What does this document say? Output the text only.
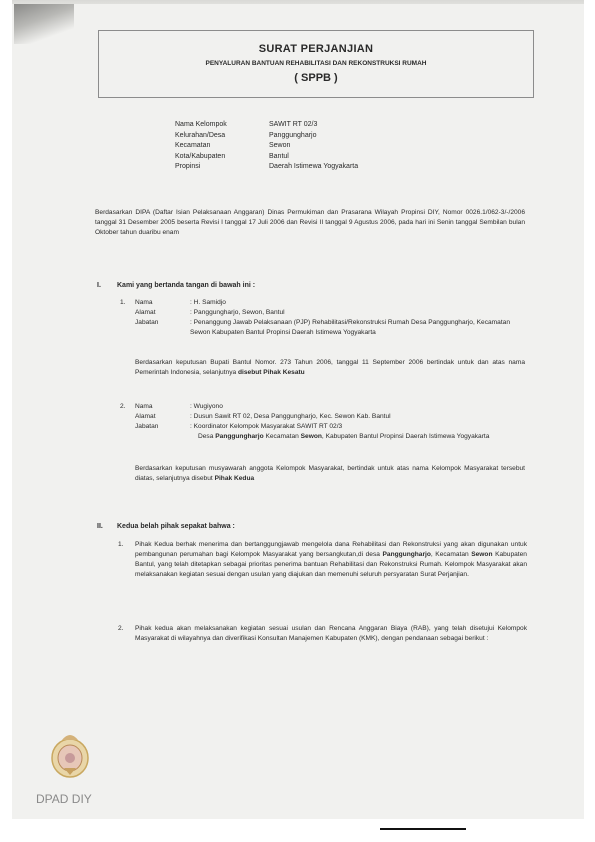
SURAT PERJANJIAN
PENYALURAN BANTUAN REHABILITASI DAN REKONSTRUKSI RUMAH
( SPPB )
Nama Kelompok	SAWIT RT 02/3
Kelurahan/Desa	Panggungharjo
Kecamatan	Sewon
Kota/Kabupaten	Bantul
Propinsi	Daerah Istimewa Yogyakarta
Berdasarkan DIPA (Daftar Isian Pelaksanaan Anggaran) Dinas Permukiman dan Prasarana Wilayah Propinsi DIY, Nomor 0026.1/062-3/-/2006 tanggal 31 Desember 2005 beserta Revisi I tanggal 17 Juli 2006 dan Revisi II tanggal 9 Agustus 2006, pada hari ini Senin tanggal Sembilan bulan Oktober tahun duaribu enam
I. Kami yang bertanda tangan di bawah ini :
1. Nama	: H. Samidjo
Alamat	: Panggungharjo, Sewon, Bantul
Jabatan	: Penanggung Jawab Pelaksanaan (PJP) Rehabilitasi/Rekonstruksi Rumah Desa Panggungharjo, Kecamatan Sewon Kabupaten Bantul Propinsi Daerah Istimewa Yogyakarta
Berdasarkan keputusan Bupati Bantul Nomor. 273 Tahun 2006, tanggal 11 September 2006 bertindak untuk dan atas nama Pemerintah Indonesia, selanjutnya disebut Pihak Kesatu
2. Nama	: Wugiyono
Alamat	: Dusun Sawit RT 02, Desa Panggungharjo, Kec. Sewon Kab. Bantul
Jabatan	: Koordinator Kelompok Masyarakat SAWIT RT 02/3
Desa Panggungharjo Kecamatan Sewon, Kabupaten Bantul Propinsi Daerah Istimewa Yogyakarta
Berdasarkan keputusan musyawarah anggota Kelompok Masyarakat, bertindak untuk atas nama Kelompok Masyarakat tersebut diatas, selanjutnya disebut Pihak Kedua
II. Kedua belah pihak sepakat bahwa :
1. Pihak Kedua berhak menerima dan bertanggungjawab mengelola dana Rehabilitasi dan Rekonstruksi yang akan digunakan untuk pembangunan perumahan bagi Kelompok Masyarakat yang bersangkutan,di desa Panggungharjo, Kecamatan Sewon Kabupaten Bantul, yang telah ditetapkan sebagai prioritas penerima bantuan Rehabilitasi dan Rekonstruksi Rumah. Kelompok Masyarakat akan melaksanakan kegiatan sesuai dengan usulan yang diajukan dan memenuhi seluruh persyaratan Surat Perjanjian.
2. Pihak kedua akan melaksanakan kegiatan sesuai usulan dan Rencana Anggaran Biaya (RAB), yang telah disetujui Kelompok Masyarakat di wilayahnya dan diverifikasi Konsultan Manajemen Kabupaten (KMK), dengan pendanaan sebagai berikut :
DPAD DIY
